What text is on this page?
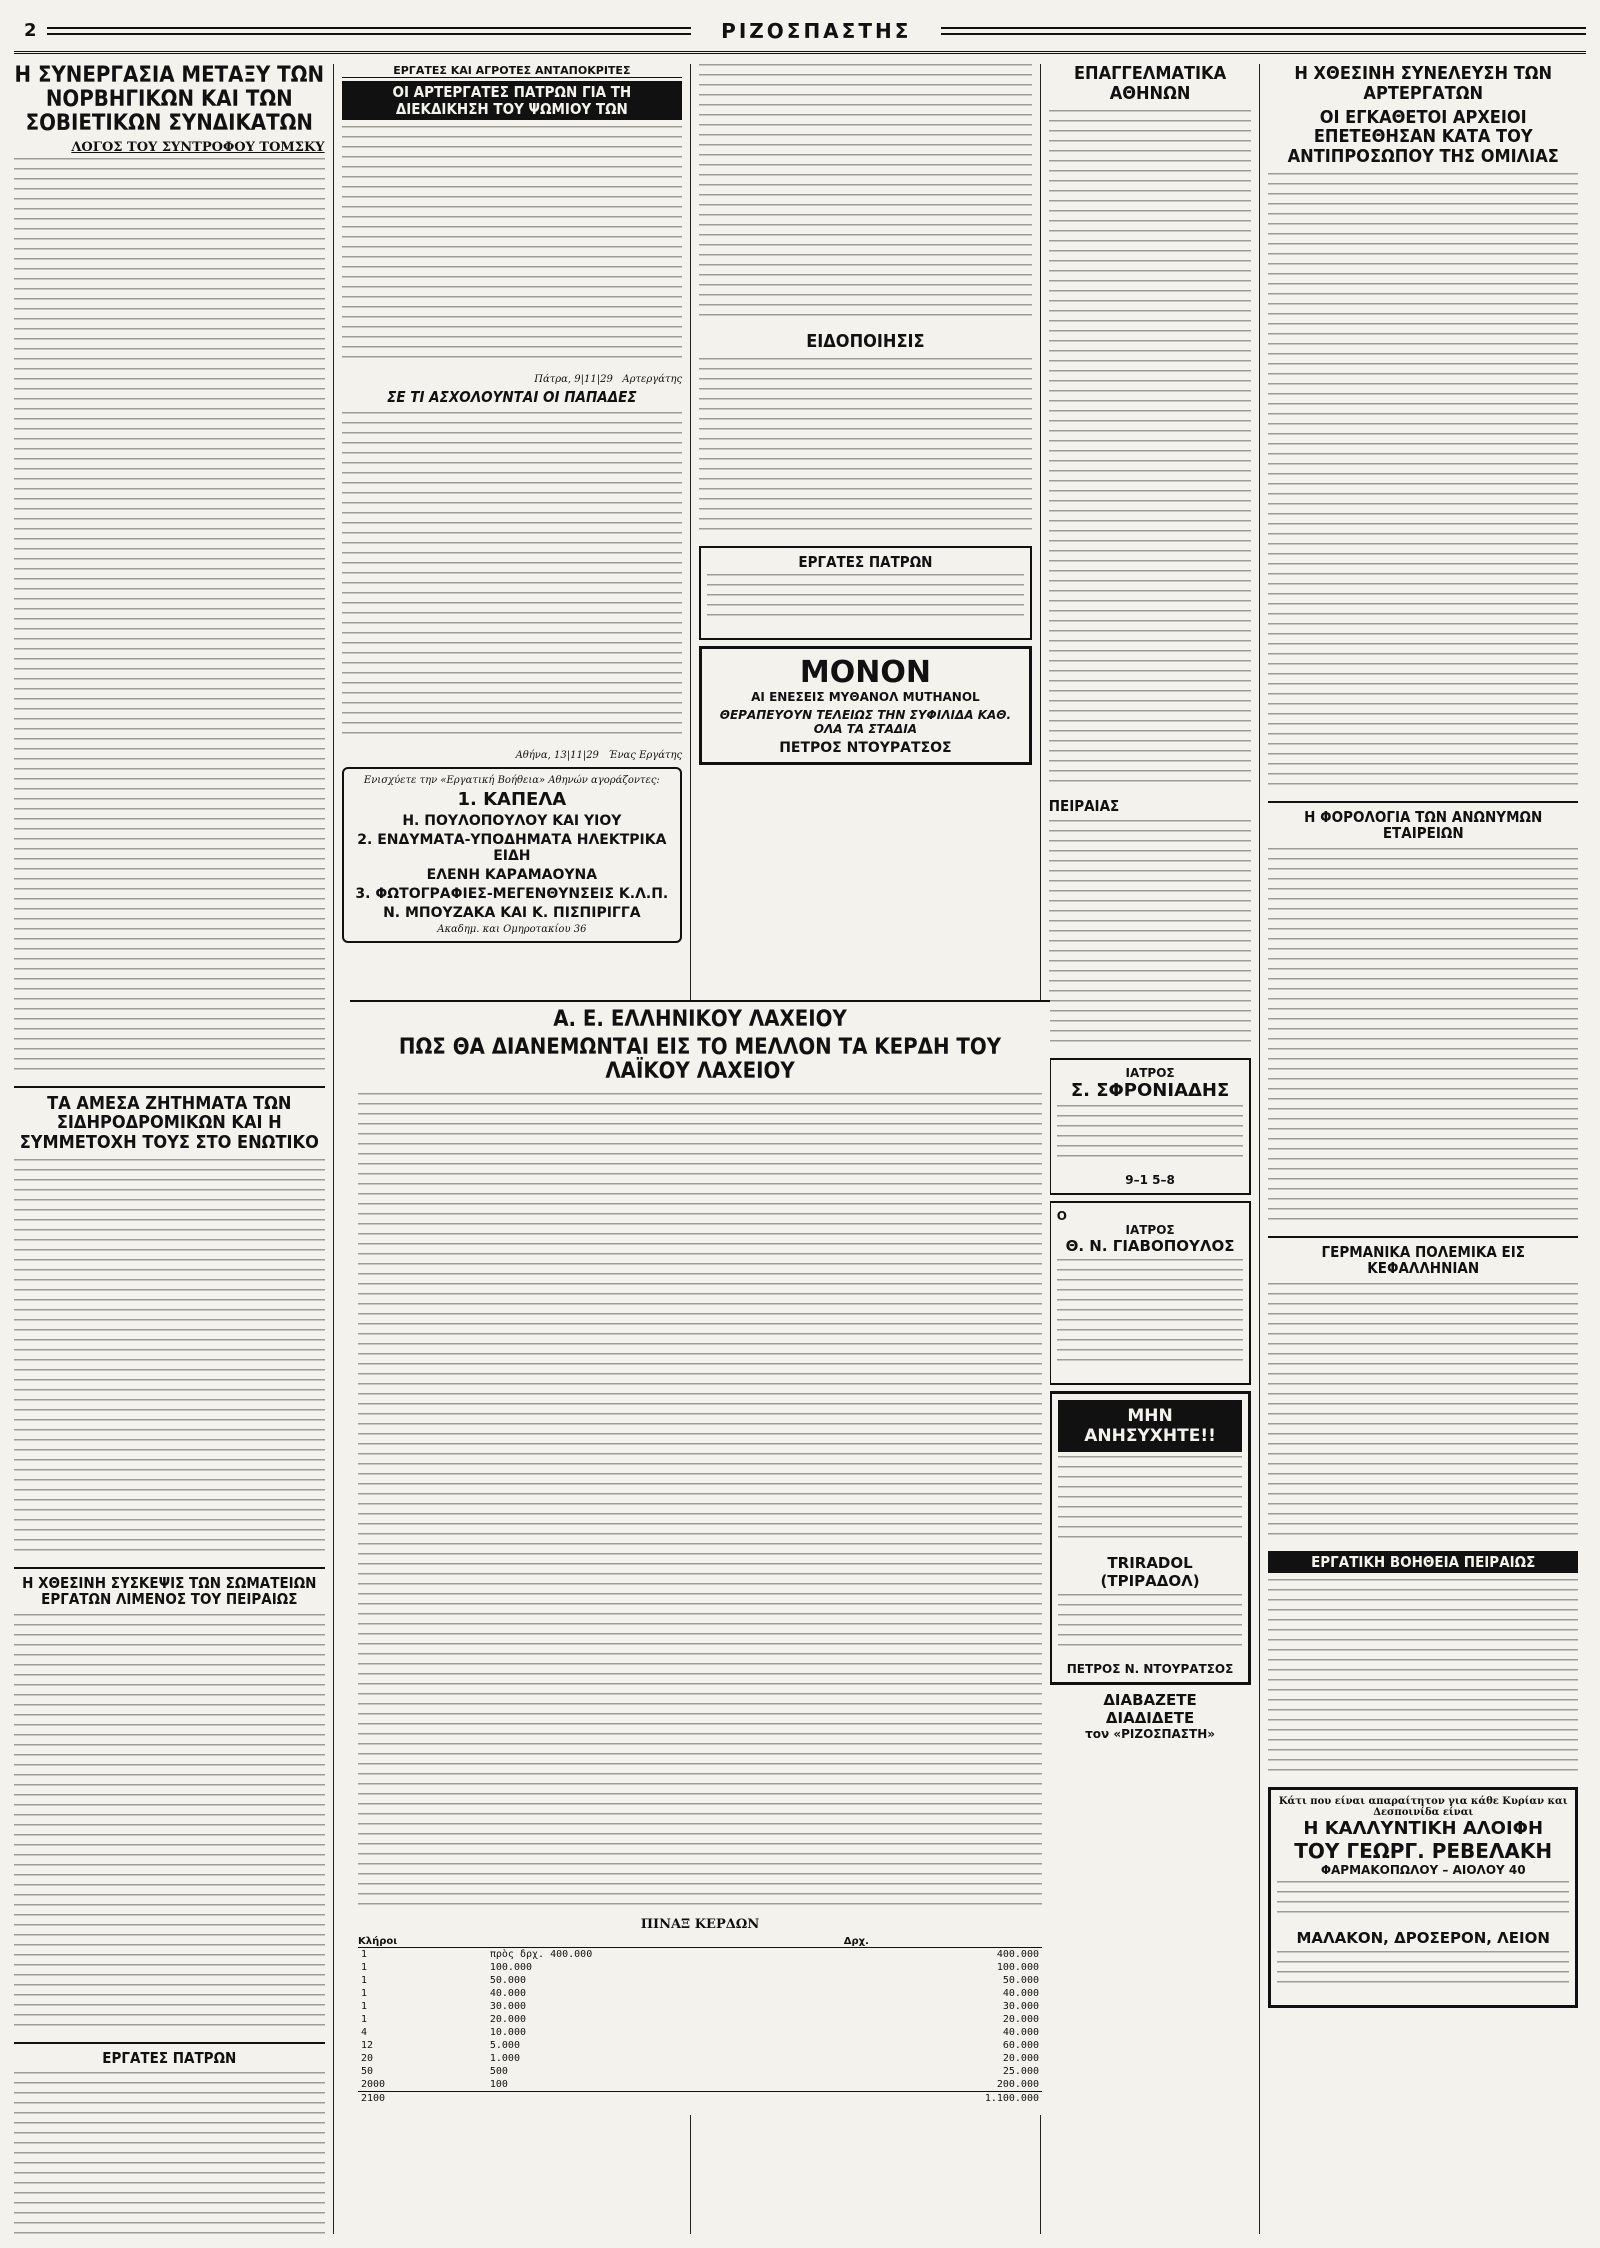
2	ΡΙΖΟΣΠΑΣΤΗΣ
Η ΣΥΝΕΡΓΑΣΙΑ ΜΕΤΑΞΥ ΤΩΝ ΝΟΡΒΗΓΙΚΩΝ ΚΑΙ ΤΩΝ ΣΟΒΙΕΤΙΚΩΝ ΣΥΝΔΙΚΑΤΩΝ
ΛΟΓΟΣ ΤΟΥ ΣΥΝΤΡΟΦΟΥ ΤΟΜΣΚΥ
ΤΑ ΑΜΕΣΑ ΖΗΤΗΜΑΤΑ ΤΩΝ ΣΙΔΗΡΟΔΡΟΜΙΚΩΝ ΚΑΙ Η ΣΥΜΜΕΤΟΧΗ ΤΟΥΣ ΣΤΟ ΕΝΩΤΙΚΟ
Η ΧΘΕΣΙΝΗ ΣΥΣΚΕΨΙΣ ΤΩΝ ΣΩΜΑΤΕΙΩΝ ΕΡΓΑΤΩΝ ΛΙΜΕΝΟΣ ΤΟΥ ΠΕΙΡΑΙΩΣ
ΕΡΓΑΤΕΣ ΠΑΤΡΩΝ
ΕΡΓΑΤΕΣ ΚΑΙ ΑΓΡΟΤΕΣ ΑΝΤΑΠΟΚΡΙΤΕΣ
ΟΙ ΑΡΤΕΡΓΑΤΕΣ ΠΑΤΡΩΝ ΓΙΑ ΤΗ ΔΙΕΚΔΙΚΗΣΗ ΤΟΥ ΨΩΜΙΟΥ ΤΩΝ
Πάτρα, 9|11|29 Αρτεργάτης
ΣΕ ΤΙ ΑΣΧΟΛΟΥΝΤΑΙ ΟΙ ΠΑΠΑΔΕΣ
Αθήνα, 13|11|29 Ένας Εργάτης
Ενισχύετε την «Εργατική Βοήθεια» Αθηνών αγοράζοντες:
1. ΚΑΠΕΛΑ
Η. ΠΟΥΛΟΠΟΥΛΟΥ ΚΑΙ ΥΙΟΥ
2. ΕΝΔΥΜΑΤΑ-ΥΠΟΔΗΜΑΤΑ ΗΛΕΚΤΡΙΚΑ ΕΙΔΗ
ΕΛΕΝΗ ΚΑΡΑΜΑΟΥΝΑ
3. ΦΩΤΟΓΡΑΦΙΕΣ-ΜΕΓΕΝΘΥΝΣΕΙΣ Κ.Λ.Π.
Ν. ΜΠΟΥΖΑΚΑ ΚΑΙ Κ. ΠΙΣΠΙΡΙΓΓΑ
Ακαδημ. και Ομηροτακίου 36
ΕΙΔΟΠΟΙΗΣΙΣ
ΕΡΓΑΤΕΣ ΠΑΤΡΩΝ
ΜΟΝΟΝ
ΑΙ ΕΝΕΣΕΙΣ ΜΥΘΑΝΟΛ MUTHANOL
ΘΕΡΑΠΕΥΟΥΝ ΤΕΛΕΙΩΣ ΤΗΝ ΣΥΦΙΛΙΔΑ ΚΑΘ. ΟΛΑ ΤΑ ΣΤΑΔΙΑ
ΠΕΤΡΟΣ ΝΤΟΥΡΑΤΣΟΣ
ΕΠΑΓΓΕΛΜΑΤΙΚΑ ΑΘΗΝΩΝ
ΠΕΙΡΑΙΑΣ
ΙΑΤΡΟΣ
Σ. ΣΦΡΟΝΙΑΔΗΣ
9–1 5–8
Ο
ΙΑΤΡΟΣ
Θ. Ν. ΓΙΑΒΟΠΟΥΛΟΣ
ΜΗΝ ΑΝΗΣΥΧΗΤΕ!!
TRIRADOL (ΤΡΙΡΑΔΟΛ)
ΠΕΤΡΟΣ Ν. ΝΤΟΥΡΑΤΣΟΣ
ΔΙΑΒΑΖΕΤΕ
ΔΙΑΔΙΔΕΤΕ
τον «ΡΙΖΟΣΠΑΣΤΗ»
Η ΧΘΕΣΙΝΗ ΣΥΝΕΛΕΥΣΗ ΤΩΝ ΑΡΤΕΡΓΑΤΩΝ
ΟΙ ΕΓΚΑΘΕΤΟΙ ΑΡΧΕΙΟΙ ΕΠΕΤΕΘΗΣΑΝ ΚΑΤΑ ΤΟΥ ΑΝΤΙΠΡΟΣΩΠΟΥ ΤΗΣ ΟΜΙΛΙΑΣ
Η ΦΟΡΟΛΟΓΙΑ ΤΩΝ ΑΝΩΝΥΜΩΝ ΕΤΑΙΡΕΙΩΝ
ΓΕΡΜΑΝΙΚΑ ΠΟΛΕΜΙΚΑ ΕΙΣ ΚΕΦΑΛΛΗΝΙΑΝ
ΕΡΓΑΤΙΚΗ ΒΟΗΘΕΙΑ ΠΕΙΡΑΙΩΣ
Κάτι που είναι απαραίτητον για κάθε Κυρίαν και Δεσποινίδα είναι
Η ΚΑΛΛΥΝΤΙΚΗ ΑΛΟΙΦΗ
ΤΟΥ ΓΕΩΡΓ. ΡΕΒΕΛΑΚΗ
ΦΑΡΜΑΚΟΠΩΛΟΥ – ΑΙΟΛΟΥ 40
ΜΑΛΑΚΟΝ, ΔΡΟΣΕΡΟΝ, ΛΕΙΟΝ
Α. Ε. ΕΛΛΗΝΙΚΟΥ ΛΑΧΕΙΟΥ
ΠΩΣ ΘΑ ΔΙΑΝΕΜΩΝΤΑΙ ΕΙΣ ΤΟ ΜΕΛΛΟΝ ΤΑ ΚΕΡΔΗ ΤΟΥ ΛΑΪΚΟΥ ΛΑΧΕΙΟΥ
ΠΙΝΑΞ ΚΕΡΔΩΝ
Κλήροι		Δρχ.
1	πρὸς δρχ. 400.000	400.000
1	100.000	100.000
1	50.000	50.000
1	40.000	40.000
1	30.000	30.000
1	20.000	20.000
4	10.000	40.000
12	5.000	60.000
20	1.000	20.000
50	500	25.000
2000	100	200.000
2100		1.100.000
